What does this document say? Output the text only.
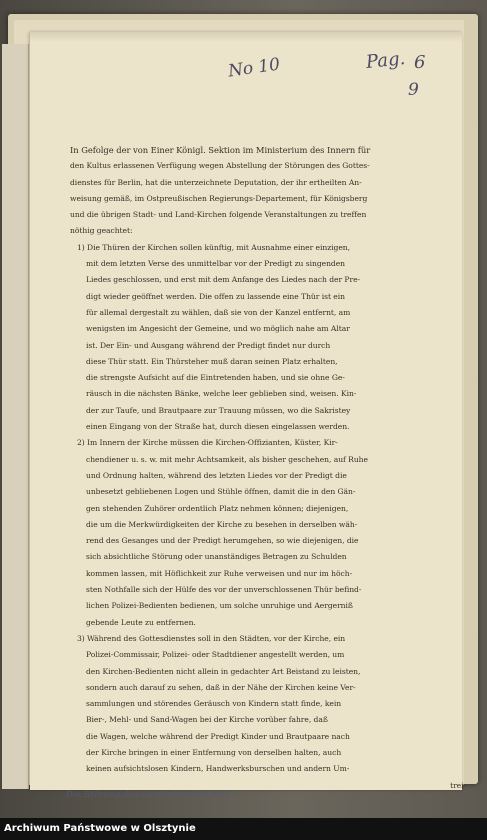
No 10	Pag. 6
9
In Gefolge der von Einer Königl. Sektion im Ministerium des Innern für
den Kultus erlassenen Verfügung wegen Abstellung der Störungen des Gottes-
dienstes für Berlin, hat die unterzeichnete Deputation, der ihr ertheilten An-
weisung gemäß, im Ostpreußischen Regierungs-Departement, für Königsberg
und die übrigen Stadt- und Land-Kirchen folgende Veranstaltungen zu treffen
nöthig geachtet:
1) Die Thüren der Kirchen sollen künftig, mit Ausnahme einer einzigen,
mit dem letzten Verse des unmittelbar vor der Predigt zu singenden
Liedes geschlossen, und erst mit dem Anfange des Liedes nach der Pre-
digt wieder geöffnet werden. Die offen zu lassende eine Thür ist ein
für allemal dergestalt zu wählen, daß sie von der Kanzel entfernt, am
wenigsten im Angesicht der Gemeine, und wo möglich nahe am Altar
ist. Der Ein- und Ausgang während der Predigt findet nur durch
diese Thür statt. Ein Thürsteher muß daran seinen Platz erhalten,
die strengste Aufsicht auf die Eintretenden haben, und sie ohne Ge-
räusch in die nächsten Bänke, welche leer geblieben sind, weisen. Kin-
der zur Taufe, und Brautpaare zur Trauung müssen, wo die Sakristey
einen Eingang von der Straße hat, durch diesen eingelassen werden.
2) Im Innern der Kirche müssen die Kirchen-Offizianten, Küster, Kir-
chendiener u. s. w. mit mehr Achtsamkeit, als bisher geschehen, auf Ruhe
und Ordnung halten, während des letzten Liedes vor der Predigt die
unbesetzt gebliebenen Logen und Stühle öffnen, damit die in den Gän-
gen stehenden Zuhörer ordentlich Platz nehmen können; diejenigen,
die um die Merkwürdigkeiten der Kirche zu besehen in derselben wäh-
rend des Gesanges und der Predigt herumgehen, so wie diejenigen, die
sich absichtliche Störung oder unanständiges Betragen zu Schulden
kommen lassen, mit Höflichkeit zur Ruhe verweisen und nur im höch-
sten Nothfalle sich der Hülfe des vor der unverschlossenen Thür befind-
lichen Polizei-Bedienten bedienen, um solche unruhige und Aergerniß
gebende Leute zu entfernen.
3) Während des Gottesdienstes soll in den Städten, vor der Kirche, ein
Polizei-Commissair, Polizei- oder Stadtdiener angestellt werden, um
den Kirchen-Bedienten nicht allein in gedachter Art Beistand zu leisten,
sondern auch darauf zu sehen, daß in der Nähe der Kirchen keine Ver-
sammlungen und störendes Geräusch von Kindern statt finde, kein
Bier-, Mehl- und Sand-Wagen bei der Kirche vorüber fahre, daß
die Wagen, welche während der Predigt Kinder und Brautpaare nach
der Kirche bringen in einer Entfernung von derselben halten, auch
keinen aufsichtslosen Kindern, Handwerksburschen und andern Um-
trei-
Die Störung des Gottesdienstes betr.
Archiwum Państwowe w Olsztynie
